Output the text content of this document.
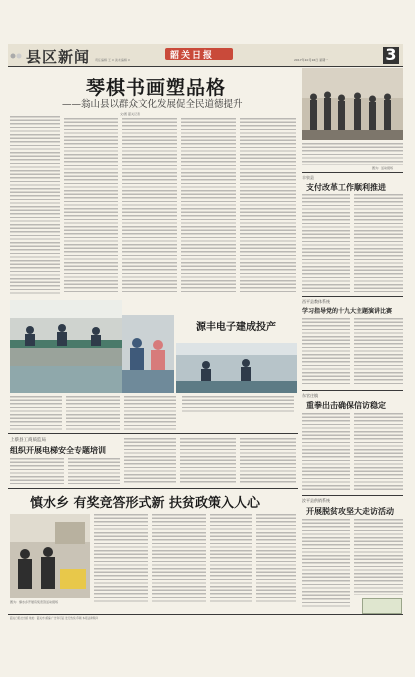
县区新闻 责任编辑 王 X 美术编辑 X	韶关日报	2017年10月16日 星期一	3
琴棋书画塑品格
——翁山县以群众文化发展促全民道德提升
文/图 韶关记者
图为：活动现场
丰泉县
支付改革工作顺利推进
西平县教体系统
学习指导党的十九大主题演讲比赛
东官庄镇
重拳出击确保信访稳定
汝平县供销系统
开展脱贫攻坚大走访活动
源丰电子建成投产
上蔡县工商质监局
组织开展电梯安全专题培训
慎水乡 有奖竞答形式新 扶贫政策入人心
图为：慎水乡开展有奖竞答活动现场
韶关日报社出版 地址：韶关市 邮编 广告许可证 发行热线 印刷 本报法律顾问
